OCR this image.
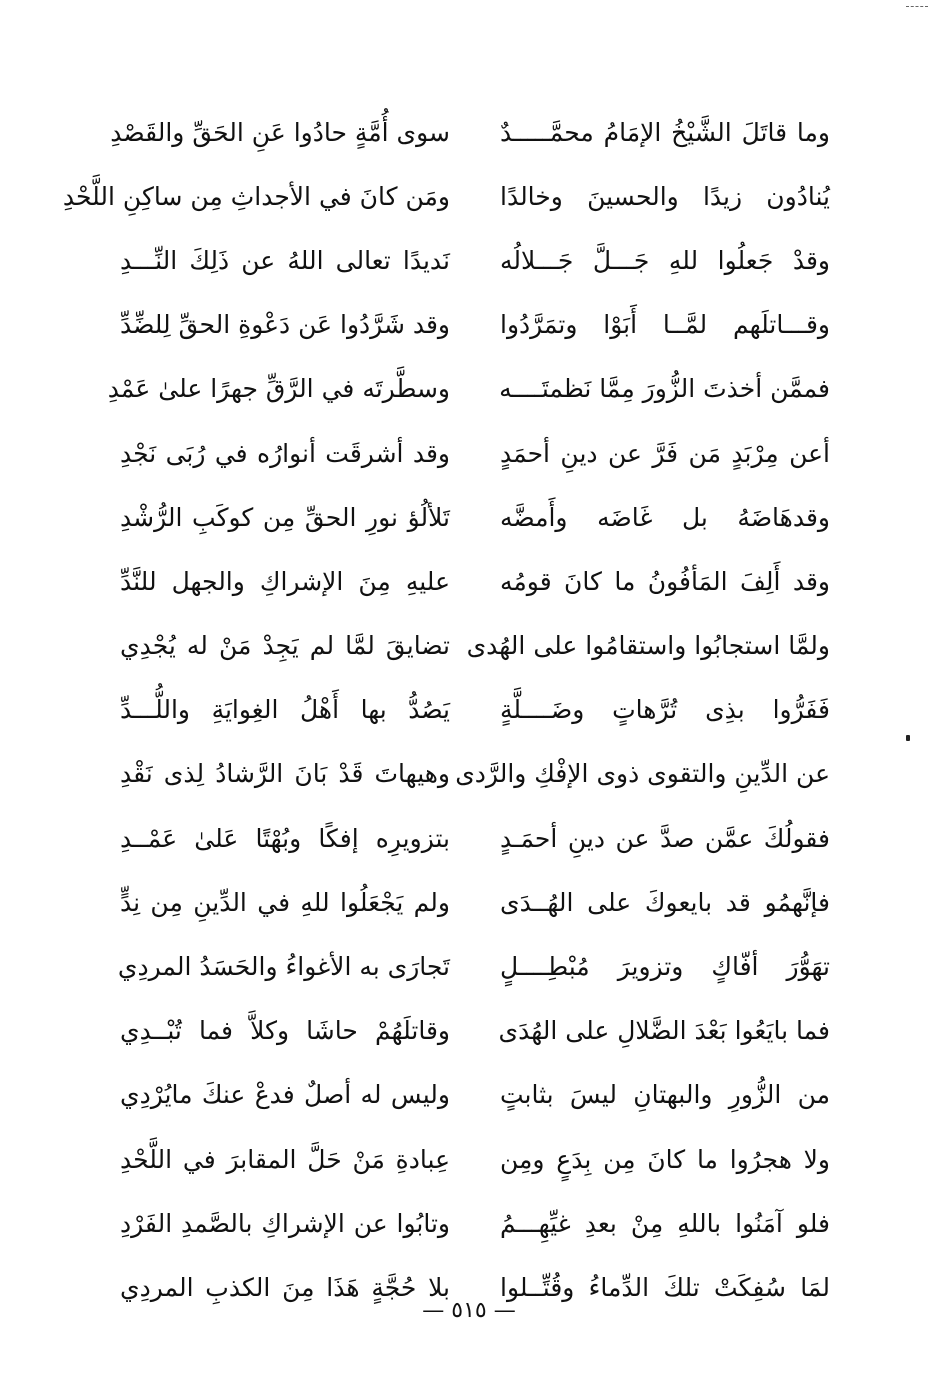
وما قاتَلَ الشَّيْخُ الإمَامُ محمَّـــــدٌ
سوى أُمَّةٍ حادُوا عَنِ الحَقِّ والقَصْدِ
يُنادُون زيدًا والحسينَ وخالدًا
ومَن كانَ في الأجداثِ مِن ساكِنِ اللَّحْدِ
وقدْ جَعلُوا للهِ جَـــلَّ جَـــلالُه
نَديدًا تعالى اللهُ عن ذَلِكَ النِّـــدِ
وقـــاتلَهم لمَّــا أَبَوْا وتمَرَّدُوا
وقد شَرَّدُوا عَن دَعْوةِ الحقِّ لِلضِّدِّ
فممَّن أخذتَ الزُّورَ مِمَّا نَظمتَــــه
وسطَّرتَه في الرَّقِّ جهرًا علىٰ عَمْدِ
أعن مِرْبَدٍ مَن فَرَّ عن دينِ أحمَدٍ
وقد أشرقَت أنوارُه في رُبَى نَجْدِ
وقدهَاضَهُ بل غَاضَه وأَمضَّه
تَلألُؤ نورِ الحقِّ مِن كوكَبِ الرُّشْدِ
وقد أَلِفَ المَأفُونُ ما كانَ قومُه
عليهِ مِنَ الإشراكِ والجهل للنَّدِّ
ولمَّا استجابُوا واستقامُوا على الهُدى
تضايقَ لمَّا لم يَجِدْ مَنْ له يُجْدِي
فَفَرُّوا بذِى تُرَّهاتٍ وضَــــلَّةٍ
يَصُدُّ بها أَهْلُ الغِوايَةِ واللُّـــدِّ
عن الدِّينِ والتقوى ذوى الإفْكِ والرَّدى
وهيهاتَ قَدْ بَانَ الرَّشادُ لِذى نَقْدِ
فقولُكَ عمَّن صدَّ عن دينِ أحمَـدٍ
بتزويرِه إفكًا وبُهْتًا عَلىٰ عَمْــدِ
فإنَّهمُو قد بايعوكَ على الهُــدَى
ولم يَجْعَلُوا للهِ في الدِّينِ مِن نِدٍّ
تهَوُّرَ أفّاكٍ وتزويرَ مُبْطِــــلٍ
تَجارَى به الأغواءُ والحَسَدُ المردِي
فما بايَعُوا بَعْدَ الضَّلالِ على الهُدَى
وقاتلَهُمْ حاشَا وكلاَّ فما تُبْــدِي
من الزُّورِ والبهتانِ ليسَ بثابتٍ
وليس له أصلٌ فدعْ عنكَ مايُرْدِي
ولا هجرُوا ما كانَ مِن بِدَعٍ ومِن
عِبادةِ مَنْ حَلَّ المقابرَ في اللَّحْدِ
فلو آمَنُوا باللهِ مِنْ بعدِ غيِّهِـــمُ
وتابُوا عن الإشراكِ بالصَّمدِ الفَرْدِ
لمَا سُفِكَتْ تلكَ الدِّماءُ وقُتِّــلوا
بلا حُجَّةٍ هَذَا مِنَ الكذبِ المردِي
— ٥١٥ —
